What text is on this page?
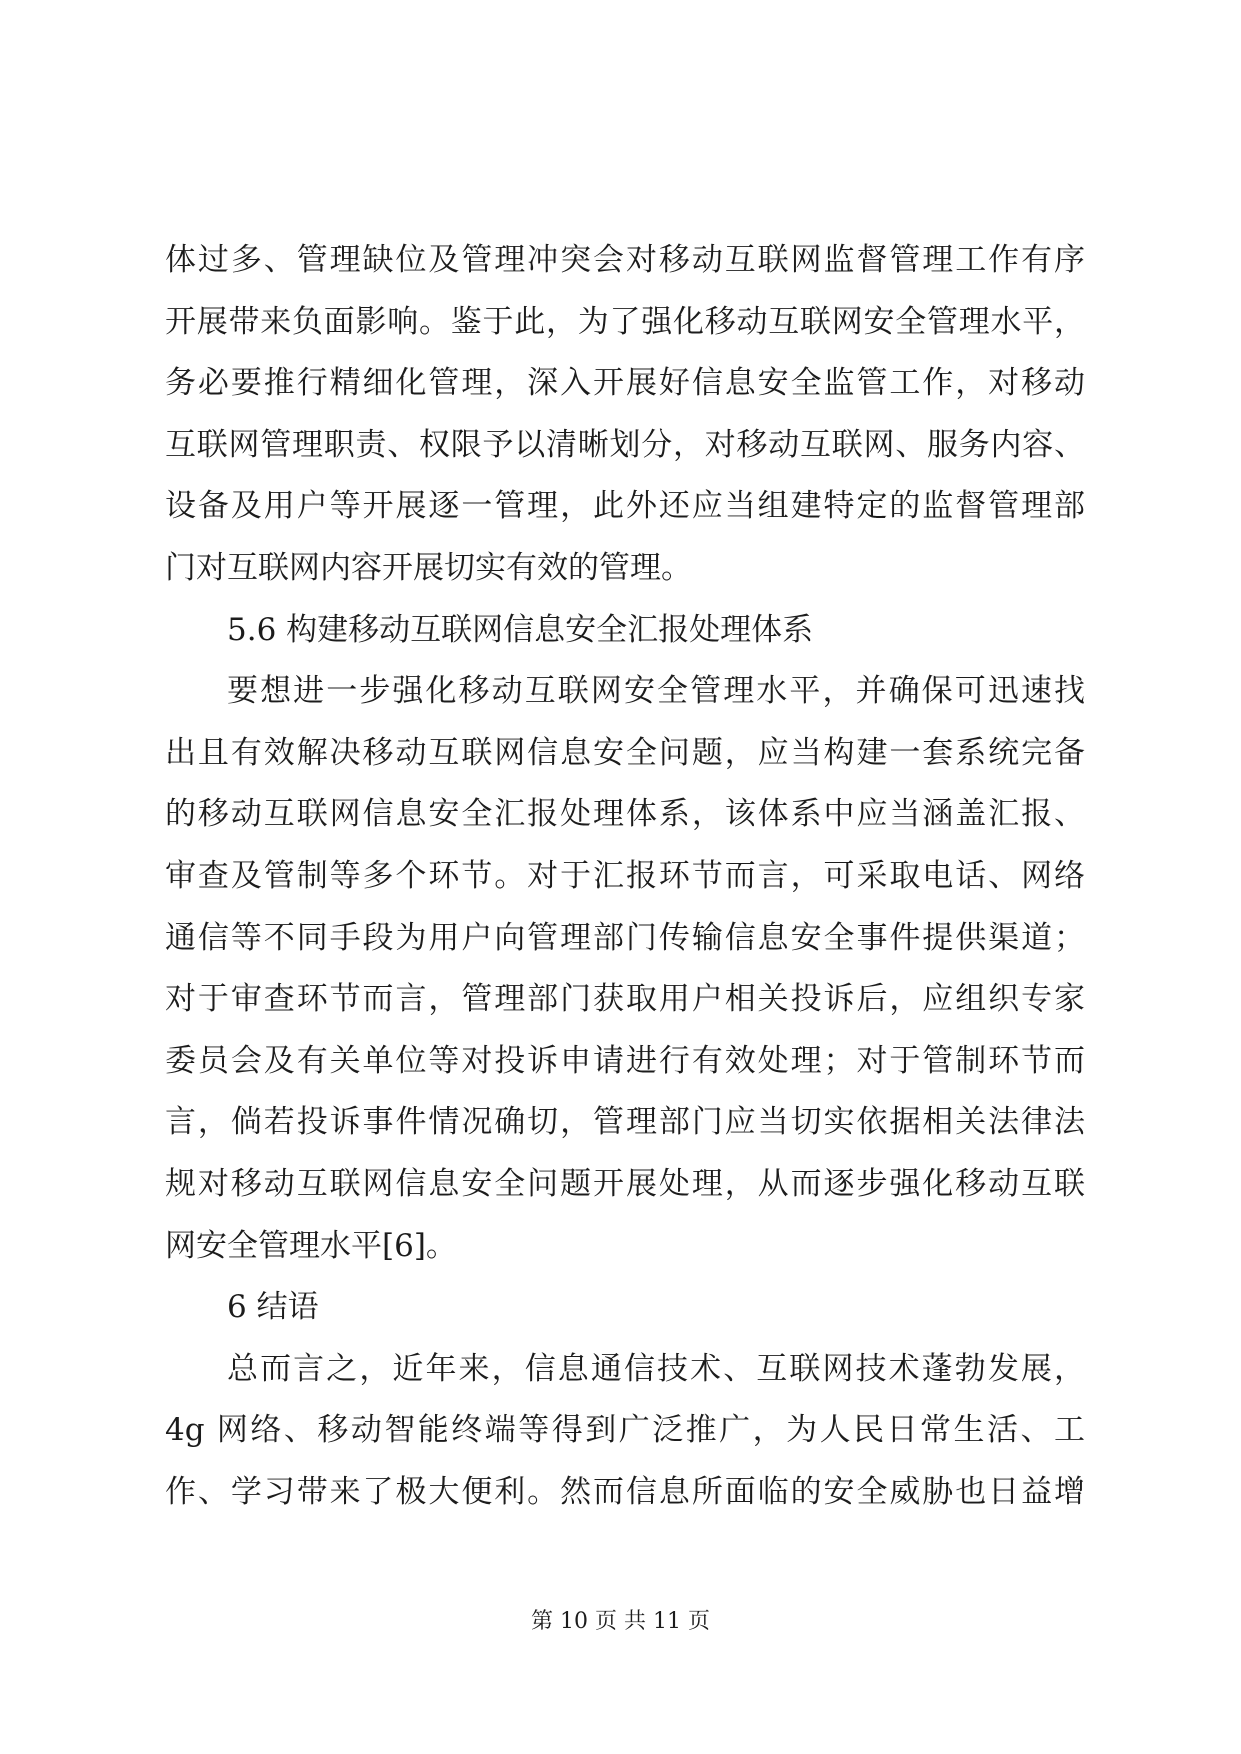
体过多、管理缺位及管理冲突会对移动互联网监督管理工作有序
开展带来负面影响。鉴于此，为了强化移动互联网安全管理水平，
务必要推行精细化管理，深入开展好信息安全监管工作，对移动
互联网管理职责、权限予以清晰划分，对移动互联网、服务内容、
设备及用户等开展逐一管理，此外还应当组建特定的监督管理部
门对互联网内容开展切实有效的管理。
5.6 构建移动互联网信息安全汇报处理体系
要想进一步强化移动互联网安全管理水平，并确保可迅速找
出且有效解决移动互联网信息安全问题，应当构建一套系统完备
的移动互联网信息安全汇报处理体系，该体系中应当涵盖汇报、
审查及管制等多个环节。对于汇报环节而言，可采取电话、网络
通信等不同手段为用户向管理部门传输信息安全事件提供渠道；
对于审查环节而言，管理部门获取用户相关投诉后，应组织专家
委员会及有关单位等对投诉申请进行有效处理；对于管制环节而
言，倘若投诉事件情况确切，管理部门应当切实依据相关法律法
规对移动互联网信息安全问题开展处理，从而逐步强化移动互联
网安全管理水平[6]。
6 结语
总而言之，近年来，信息通信技术、互联网技术蓬勃发展，
4g 网络、移动智能终端等得到广泛推广，为人民日常生活、工
作、学习带来了极大便利。然而信息所面临的安全威胁也日益增
第 10 页 共 11 页
